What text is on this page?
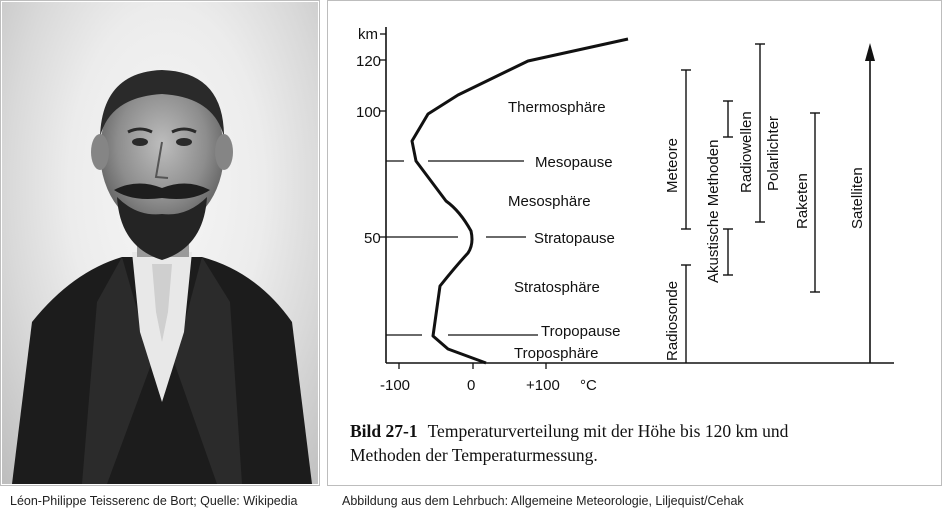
km
120
100
50
-100	0	+100 °C
Thermosphäre
Mesopause
Mesosphäre
Stratopause
Stratosphäre
Tropopause
Troposphäre
Meteore
Radiosonde
Akustische Methoden Radiowellen Polarlichter
Raketen	Satelliten
Bild 27-1 Temperaturverteilung mit der Höhe bis 120 km und
Methoden der Temperaturmessung.
Léon-Philippe Teisserenc de Bort; Quelle: Wikipedia	Abbildung aus dem Lehrbuch: Allgemeine Meteorologie, Liljequist/Cehak
